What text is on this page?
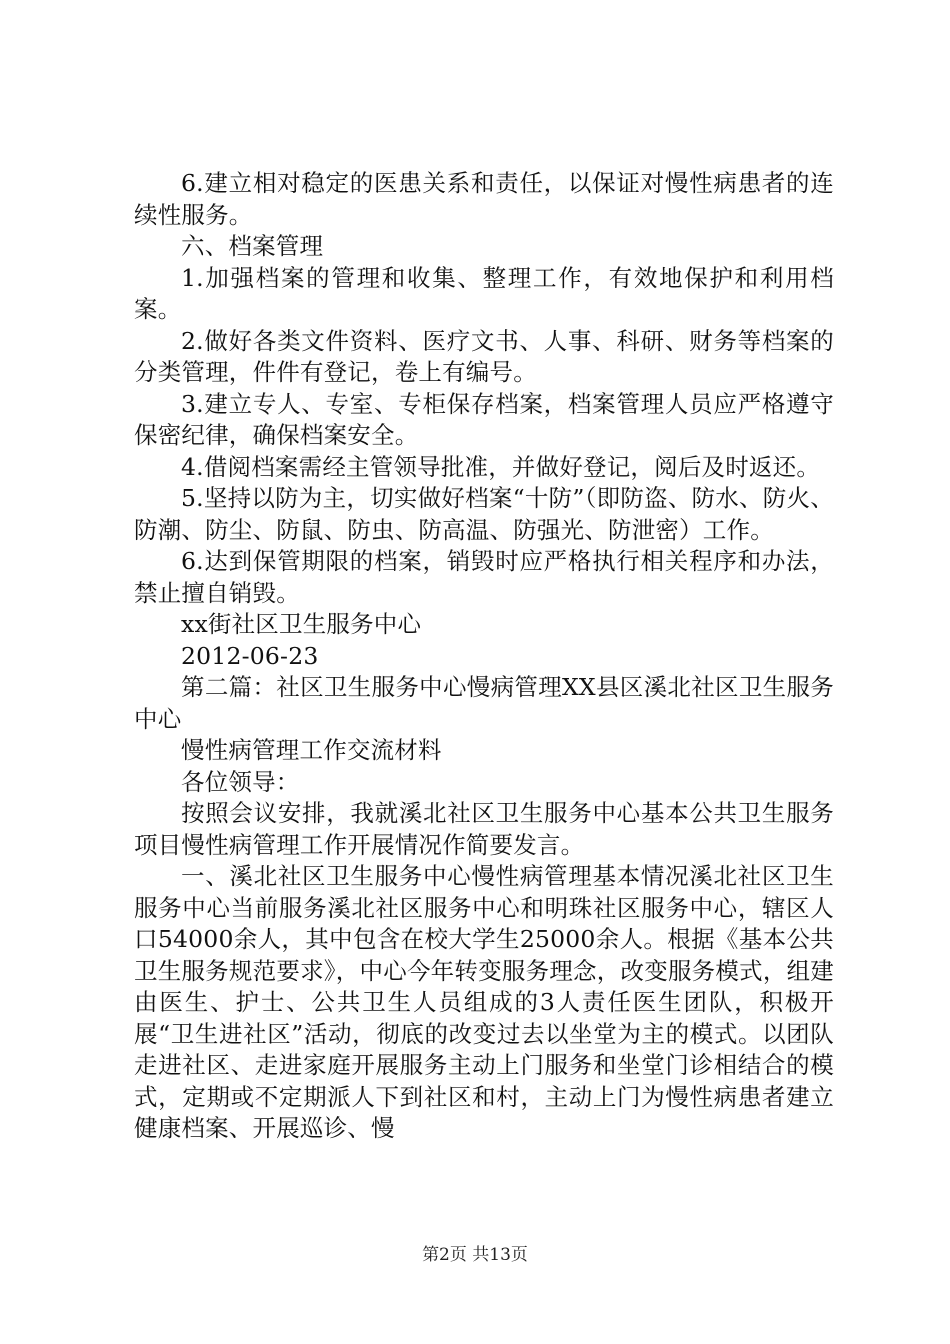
6.建立相对稳定的医患关系和责任，以保证对慢性病患者的连续性服务。

六、档案管理

1.加强档案的管理和收集、整理工作，有效地保护和利用档案。

2.做好各类文件资料、医疗文书、人事、科研、财务等档案的分类管理，件件有登记，卷上有编号。

3.建立专人、专室、专柜保存档案，档案管理人员应严格遵守保密纪律，确保档案安全。

4.借阅档案需经主管领导批准，并做好登记，阅后及时返还。

5.坚持以防为主，切实做好档案“十防”（即防盗、防水、防火、防潮、防尘、防鼠、防虫、防高温、防强光、防泄密）工作。

6.达到保管期限的档案，销毁时应严格执行相关程序和办法，禁止擅自销毁。

xx街社区卫生服务中心

2012-06-23

第二篇：社区卫生服务中心慢病管理XX县区溪北社区卫生服务中心

慢性病管理工作交流材料

各位领导：

按照会议安排，我就溪北社区卫生服务中心基本公共卫生服务项目慢性病管理工作开展情况作简要发言。

一、溪北社区卫生服务中心慢性病管理基本情况溪北社区卫生服务中心当前服务溪北社区服务中心和明珠社区服务中心，辖区人口54000余人，其中包含在校大学生25000余人。根据《基本公共卫生服务规范要求》，中心今年转变服务理念，改变服务模式，组建由医生、护士、公共卫生人员组成的3人责任医生团队，积极开展“卫生进社区”活动，彻底的改变过去以坐堂为主的模式。以团队走进社区、走进家庭开展服务主动上门服务和坐堂门诊相结合的模式，定期或不定期派人下到社区和村，主动上门为慢性病患者建立健康档案、开展巡诊、慢

第2页 共13页
